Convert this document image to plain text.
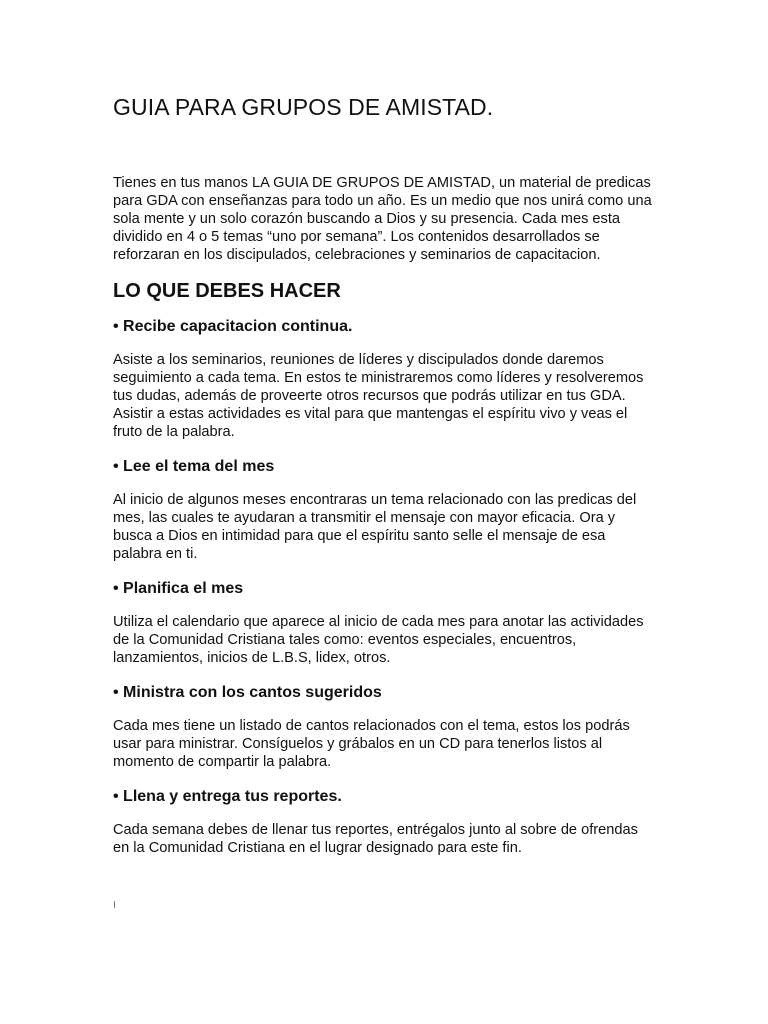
GUIA PARA GRUPOS DE AMISTAD.

Tienes en tus manos LA GUIA DE GRUPOS DE AMISTAD, un material de predicas para GDA con enseñanzas para todo un año. Es un medio que nos unirá como una sola mente y un solo corazón buscando a Dios y su presencia. Cada mes esta dividido en 4 o 5 temas “uno por semana”. Los contenidos desarrollados se reforzaran en los discipulados, celebraciones y seminarios de capacitacion.

LO QUE DEBES HACER
• Recibe capacitacion continua.

Asiste a los seminarios, reuniones de líderes y discipulados donde daremos seguimiento a cada tema. En estos te ministraremos como líderes y resolveremos tus dudas, además de proveerte otros recursos que podrás utilizar en tus GDA. Asistir a estas actividades es vital para que mantengas el espíritu vivo y veas el fruto de la palabra.

• Lee el tema del mes

Al inicio de algunos meses encontraras un tema relacionado con las predicas del mes, las cuales te ayudaran a transmitir el mensaje con mayor eficacia. Ora y busca a Dios en intimidad para que el espíritu santo selle el mensaje de esa palabra en ti.

• Planifica el mes

Utiliza el calendario que aparece al inicio de cada mes para anotar las actividades de la Comunidad Cristiana tales como: eventos especiales, encuentros, lanzamientos, inicios de L.B.S, lidex, otros.

• Ministra con los cantos sugeridos

Cada mes tiene un listado de cantos relacionados con el tema, estos los podrás usar para ministrar. Consíguelos y grábalos en un CD para tenerlos listos al momento de compartir la palabra.

• Llena y entrega tus reportes.

Cada semana debes de llenar tus reportes, entrégalos junto al sobre de ofrendas en la Comunidad Cristiana en el lugrar designado para este fin.
